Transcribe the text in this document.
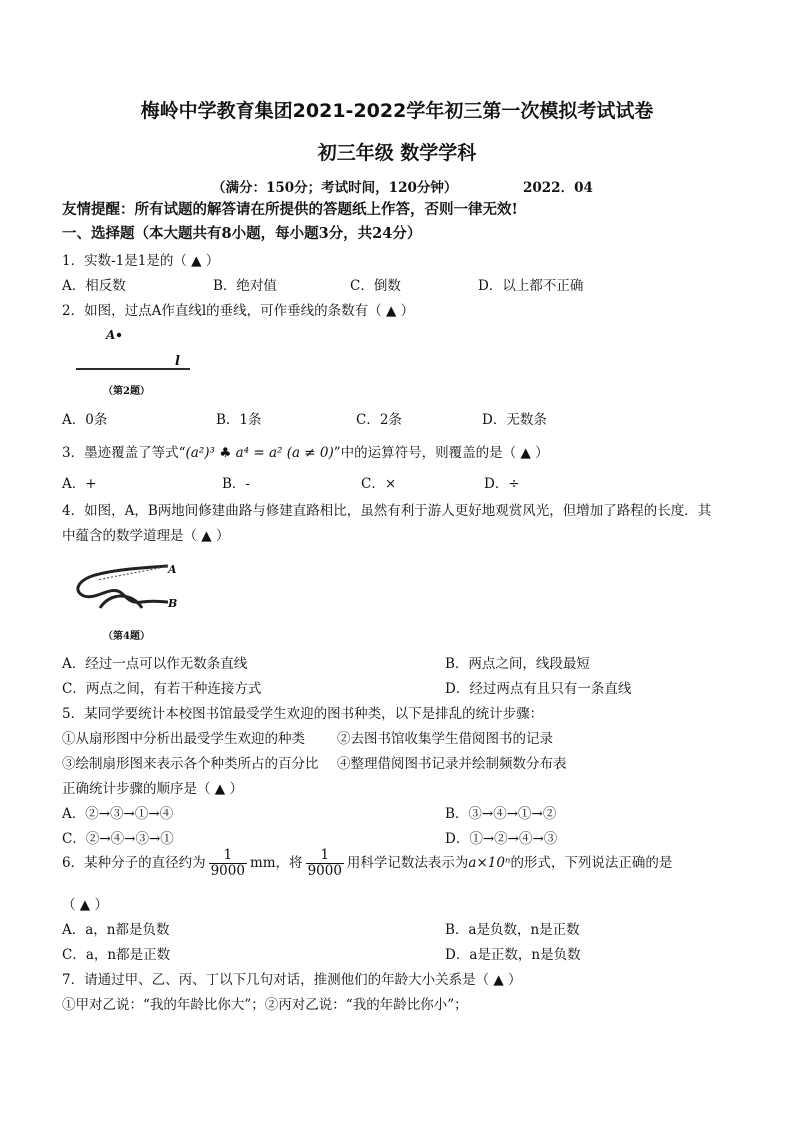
梅岭中学教育集团2021-2022学年初三第一次模拟考试试卷
初三年级 数学学科
（满分：150分；考试时间，120分钟）	2022．04
友情提醒：所有试题的解答请在所提供的答题纸上作答，否则一律无效!
一、选择题（本大题共有8小题，每小题3分，共24分）
1．实数-1是1是的（ ▲ ）
A．相反数	B．绝对值	C．倒数	D．以上都不正确
2．如图，过点A作直线l的垂线，可作垂线的条数有（ ▲ ）
A
l
（第2题）
A．0条	B．1条	C．2条	D．无数条
3．墨迹覆盖了等式“(a²)³ ♣ a⁴ = a² (a ≠ 0)”中的运算符号，则覆盖的是（ ▲ ）
A．+	B．-	C．×	D．÷
4．如图，A，B两地间修建曲路与修建直路相比，虽然有利于游人更好地观赏风光，但增加了路程的长度．其
中蕴含的数学道理是（ ▲ ）
A
B
（第4题）
A．经过一点可以作无数条直线	B．两点之间，线段最短
C．两点之间，有若干种连接方式	D．经过两点有且只有一条直线
5．某同学要统计本校图书馆最受学生欢迎的图书种类，以下是排乱的统计步骤：
①从扇形图中分析出最受学生欢迎的种类 ②去图书馆收集学生借阅图书的记录
③绘制扇形图来表示各个种类所占的百分比 ④整理借阅图书记录并绘制频数分布表
正确统计步骤的顺序是（ ▲ ）
A．②→③→①→④	B．③→④→①→②
C．②→④→③→①	D．①→②→④→③
6．某种分子的直径约为 $\frac{1}{9000}$ mm，将 $\frac{1}{9000}$ 用科学记数法表示为a×10ⁿ的形式，下列说法正确的是
（ ▲ ）
A．a，n都是负数	B．a是负数，n是正数
C．a，n都是正数	D．a是正数，n是负数
7．请通过甲、乙、丙、丁以下几句对话，推测他们的年龄大小关系是（ ▲ ）
①甲对乙说：“我的年龄比你大”；②丙对乙说：“我的年龄比你小”；
